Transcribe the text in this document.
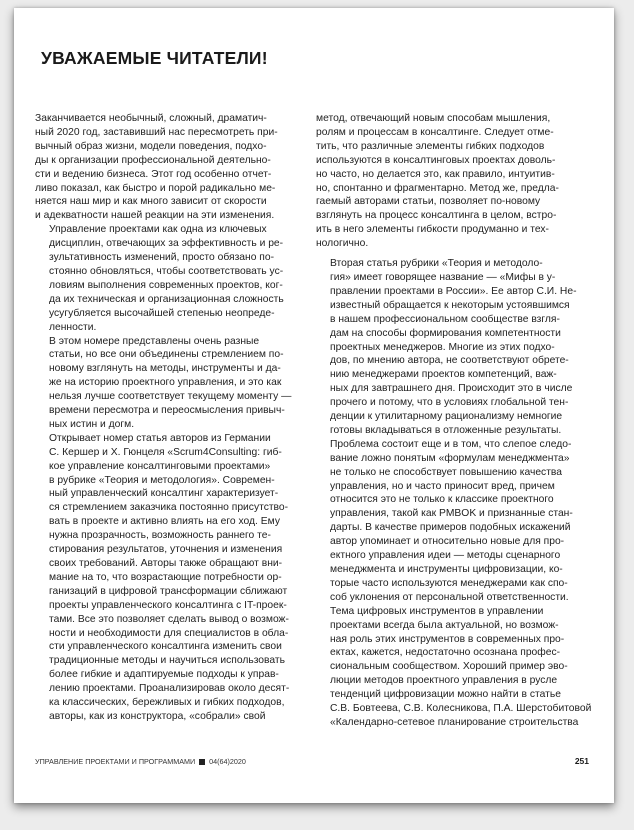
УВАЖАЕМЫЕ ЧИТАТЕЛИ!

Заканчивается необычный, сложный, драматич-
ный 2020 год, заставивший нас пересмотреть при-
вычный образ жизни, модели поведения, подхо-
ды к организации профессиональной деятельно-
сти и ведению бизнеса. Этот год особенно отчет-
ливо показал, как быстро и порой радикально ме-
няется наш мир и как много зависит от скорости
и адекватности нашей реакции на эти изменения.

Управление проектами как одна из ключевых
дисциплин, отвечающих за эффективность и ре-
зультативность изменений, просто обязано по-
стоянно обновляться, чтобы соответствовать ус-
ловиям выполнения современных проектов, ког-
да их техническая и организационная сложность
усугубляется высочайшей степенью неопреде-
ленности.

В этом номере представлены очень разные
статьи, но все они объединены стремлением по-
новому взглянуть на методы, инструменты и да-
же на историю проектного управления, и это как
нельзя лучше соответствует текущему моменту —
времени пересмотра и переосмысления привыч-
ных истин и догм.

Открывает номер статья авторов из Германии
С. Кершер и Х. Гюнцеля «Scrum4Consulting: гиб-
кое управление консалтинговыми проектами»
в рубрике «Теория и методология». Современ-
ный управленческий консалтинг характеризует-
ся стремлением заказчика постоянно присутство-
вать в проекте и активно влиять на его ход. Ему
нужна прозрачность, возможность раннего те-
стирования результатов, уточнения и изменения
своих требований. Авторы также обращают вни-
мание на то, что возрастающие потребности ор-
ганизаций в цифровой трансформации сближают
проекты управленческого консалтинга с IT-проек-
тами. Все это позволяет сделать вывод о возмож-
ности и необходимости для специалистов в обла-
сти управленческого консалтинга изменить свои
традиционные методы и научиться использовать
более гибкие и адаптируемые подходы к управ-
лению проектами. Проанализировав около десят-
ка классических, бережливых и гибких подходов,
авторы, как из конструктора, «собрали» свой

метод, отвечающий новым способам мышления,
ролям и процессам в консалтинге. Следует отме-
тить, что различные элементы гибких подходов
используются в консалтинговых проектах доволь-
но часто, но делается это, как правило, интуитив-
но, спонтанно и фрагментарно. Метод же, предла-
гаемый авторами статьи, позволяет по-новому
взглянуть на процесс консалтинга в целом, встро-
ить в него элементы гибкости продуманно и тех-
нологично.

Вторая статья рубрики «Теория и методоло-
гия» имеет говорящее название — «Мифы в у-
правлении проектами в России». Ее автор С.И. Не-
известный обращается к некоторым устоявшимся
в нашем профессиональном сообществе взгля-
дам на способы формирования компетентности
проектных менеджеров. Многие из этих подхо-
дов, по мнению автора, не соответствуют обрете-
нию менеджерами проектов компетенций, важ-
ных для завтрашнего дня. Происходит это в числе
прочего и потому, что в условиях глобальной тен-
денции к утилитарному рационализму немногие
готовы вкладываться в отложенные результаты.
Проблема состоит еще и в том, что слепое следо-
вание ложно понятым «формулам менеджмента»
не только не способствует повышению качества
управления, но и часто приносит вред, причем
относится это не только к классике проектного
управления, такой как PMBOK и признанные стан-
дарты. В качестве примеров подобных искажений
автор упоминает и относительно новые для про-
ектного управления идеи — методы сценарного
менеджмента и инструменты цифровизации, ко-
торые часто используются менеджерами как спо-
соб уклонения от персональной ответственности.

Тема цифровых инструментов в управлении
проектами всегда была актуальной, но возмож-
ная роль этих инструментов в современных про-
ектах, кажется, недостаточно осознана профес-
сиональным сообществом. Хороший пример эво-
люции методов проектного управления в русле
тенденций цифровизации можно найти в статье
С.В. Бовтеева, С.В. Колесникова, П.А. Шерстобитовой
«Календарно-сетевое планирование строительства

УПРАВЛЕНИЕ ПРОЕКТАМИ И ПРОГРАММАМИ 04(64)2020	251
